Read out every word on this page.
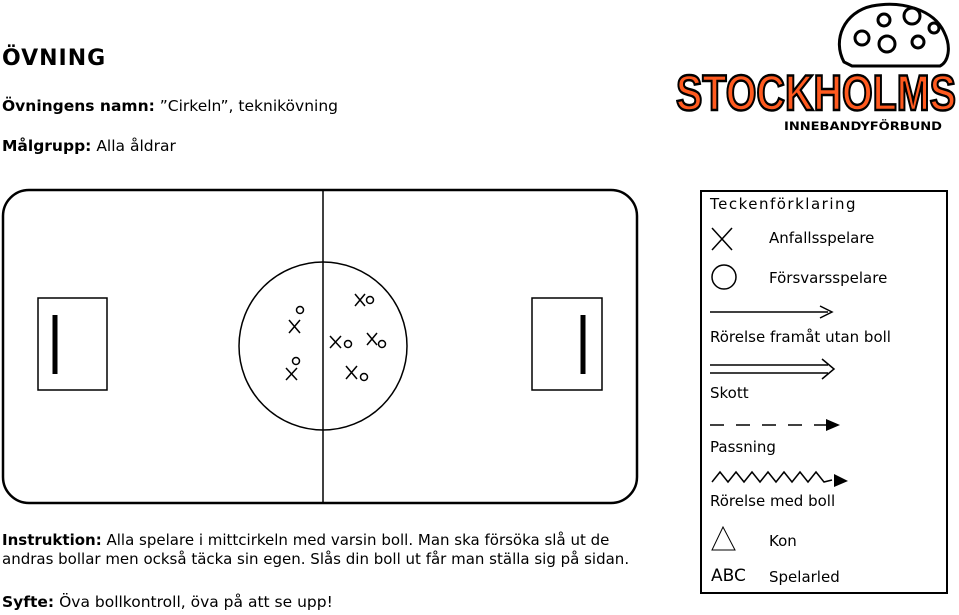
ÖVNING
Övningens namn: ”Cirkeln”, teknikövning
Målgrupp: Alla åldrar
STOCKHOLMS
INNEBANDYFÖRBUND
Teckenförklaring
Anfallsspelare
Försvarsspelare
Rörelse framåt utan boll
Skott
Passning
Rörelse med boll
Kon
ABC Spelarled
Instruktion: Alla spelare i mittcirkeln med varsin boll. Man ska försöka slå ut de andras bollar men också täcka sin egen. Slås din boll ut får man ställa sig på sidan.
Syfte: Öva bollkontroll, öva på att se upp!
